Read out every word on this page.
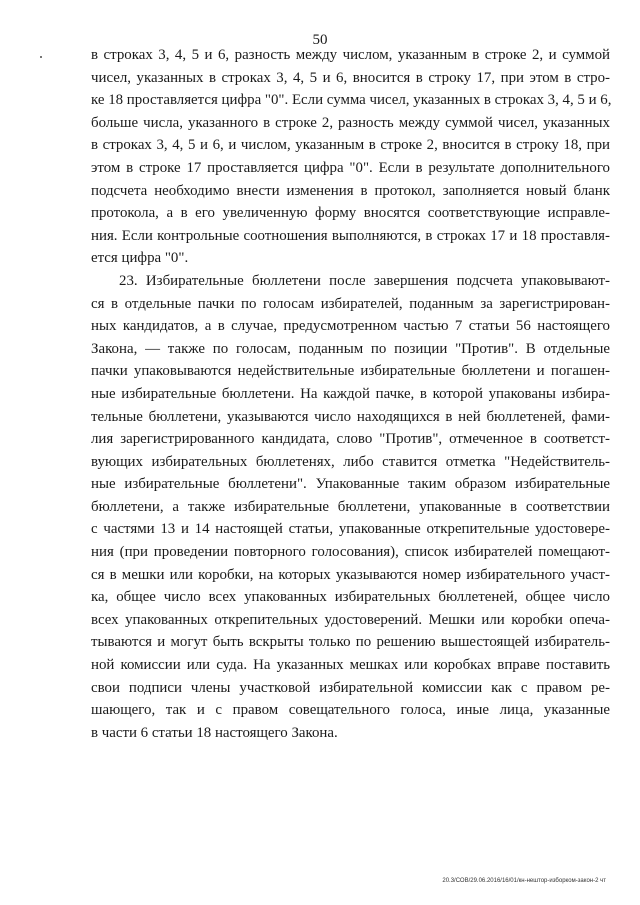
50
в строках 3, 4, 5 и 6, разность между числом, указанным в строке 2, и суммой
чисел, указанных в строках 3, 4, 5 и 6, вносится в строку 17, при этом в стро-
ке 18 проставляется цифра "0". Если сумма чисел, указанных в строках 3, 4, 5 и 6,
больше числа, указанного в строке 2, разность между суммой чисел, указанных
в строках 3, 4, 5 и 6, и числом, указанным в строке 2, вносится в строку 18, при
этом в строке 17 проставляется цифра "0". Если в результате дополнительного
подсчета необходимо внести изменения в протокол, заполняется новый бланк
протокола, а в его увеличенную форму вносятся соответствующие исправле-
ния. Если контрольные соотношения выполняются, в строках 17 и 18 проставля-
ется цифра "0".
23. Избирательные бюллетени после завершения подсчета упаковывают-
ся в отдельные пачки по голосам избирателей, поданным за зарегистрирован-
ных кандидатов, а в случае, предусмотренном частью 7 статьи 56 настоящего
Закона, — также по голосам, поданным по позиции "Против". В отдельные
пачки упаковываются недействительные избирательные бюллетени и погашен-
ные избирательные бюллетени. На каждой пачке, в которой упакованы избира-
тельные бюллетени, указываются число находящихся в ней бюллетеней, фами-
лия зарегистрированного кандидата, слово "Против", отмеченное в соответст-
вующих избирательных бюллетенях, либо ставится отметка "Недействитель-
ные избирательные бюллетени". Упакованные таким образом избирательные
бюллетени, а также избирательные бюллетени, упакованные в соответствии
с частями 13 и 14 настоящей статьи, упакованные открепительные удостовере-
ния (при проведении повторного голосования), список избирателей помещают-
ся в мешки или коробки, на которых указываются номер избирательного участ-
ка, общее число всех упакованных избирательных бюллетеней, общее число
всех упакованных открепительных удостоверений. Мешки или коробки опеча-
тываются и могут быть вскрыты только по решению вышестоящей избиратель-
ной комиссии или суда. На указанных мешках или коробках вправе поставить
свои подписи члены участковой избирательной комиссии как с правом ре-
шающего, так и с правом совещательного голоса, иные лица, указанные
в части 6 статьи 18 настоящего Закона.
20.3/СОВ/29.06.2016/16/01/кн-нештор-изборком-закон-2 чт
